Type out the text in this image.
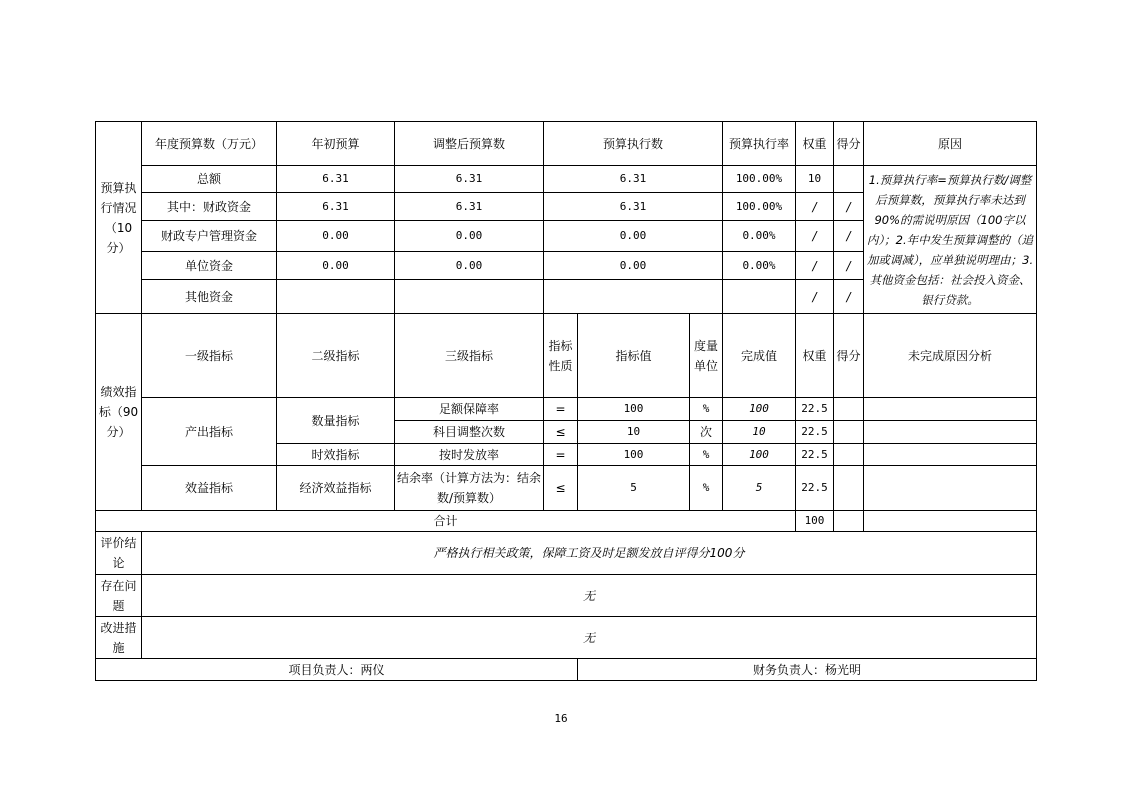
预算执行情况（10分）	年度预算数（万元）	年初预算	调整后预算数	预算执行数			预算执行率	权重	得分	原因
	总额	6.31	6.31	6.31			100.00%	10		1.预算执行率=预算执行数/调整后预算数，预算执行率未达到90%的需说明原因（100字以内）；2.年中发生预算调整的（追加或调减），应单独说明理由；3.其他资金包括：社会投入资金、银行贷款。
	其中：财政资金	6.31	6.31	6.31			100.00%	/	/	
	财政专户管理资金	0.00	0.00	0.00			0.00%	/	/	
	单位资金	0.00	0.00	0.00			0.00%	/	/	
	其他资金							/	/	
绩效指标（90分）	一级指标	二级指标	三级指标	指标性质	指标值	度量单位	完成值	权重	得分	未完成原因分析
	产出指标	数量指标	足额保障率	=	100	%	100	22.5		
			科目调整次数	≤	10	次	10	22.5		
		时效指标	按时发放率	=	100	%	100	22.5		
	效益指标	经济效益指标	结余率（计算方法为：结余数/预算数）	≤	5	%	5	22.5		
合计								100		
评价结论	严格执行相关政策，保障工资及时足额发放自评得分100分									
存在问题	无									
改进措施	无									
项目负责人：两仪					财务负责人：杨光明					
16
